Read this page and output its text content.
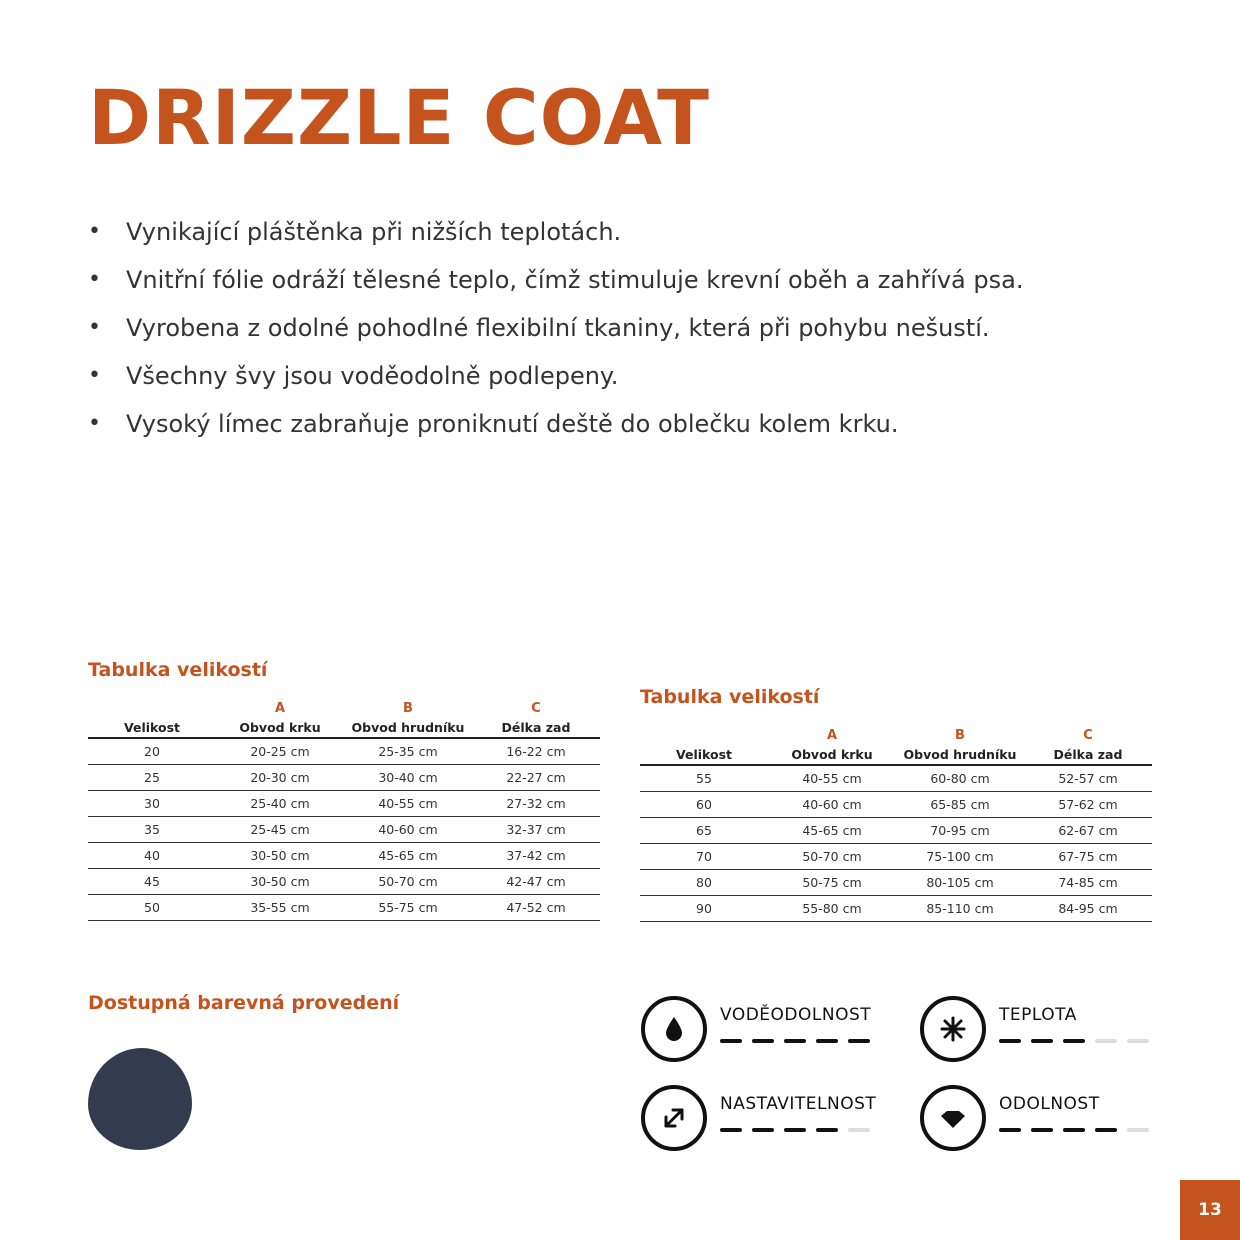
DRIZZLE COAT
• Vynikající pláštěnka při nižších teplotách.
• Vnitřní fólie odráží tělesné teplo, čímž stimuluje krevní oběh a zahřívá psa.
• Vyrobena z odolné pohodlné flexibilní tkaniny, která při pohybu nešustí.
• Všechny švy jsou voděodolně podlepeny.
• Vysoký límec zabraňuje proniknutí deště do oblečku kolem krku.
Tabulka velikostí
	A	B	C
Velikost	Obvod krku	Obvod hrudníku	Délka zad
20	20-25 cm	25-35 cm	16-22 cm
25	20-30 cm	30-40 cm	22-27 cm
30	25-40 cm	40-55 cm	27-32 cm
35	25-45 cm	40-60 cm	32-37 cm
40	30-50 cm	45-65 cm	37-42 cm
45	30-50 cm	50-70 cm	42-47 cm
50	35-55 cm	55-75 cm	47-52 cm
Tabulka velikostí
	A	B	C
Velikost	Obvod krku	Obvod hrudníku	Délka zad
55	40-55 cm	60-80 cm	52-57 cm
60	40-60 cm	65-85 cm	57-62 cm
65	45-65 cm	70-95 cm	62-67 cm
70	50-70 cm	75-100 cm	67-75 cm
80	50-75 cm	80-105 cm	74-85 cm
90	55-80 cm	85-110 cm	84-95 cm
Dostupná barevná provedení
VODĚODOLNOST	TEPLOTA
NASTAVITELNOST	ODOLNOST
13
